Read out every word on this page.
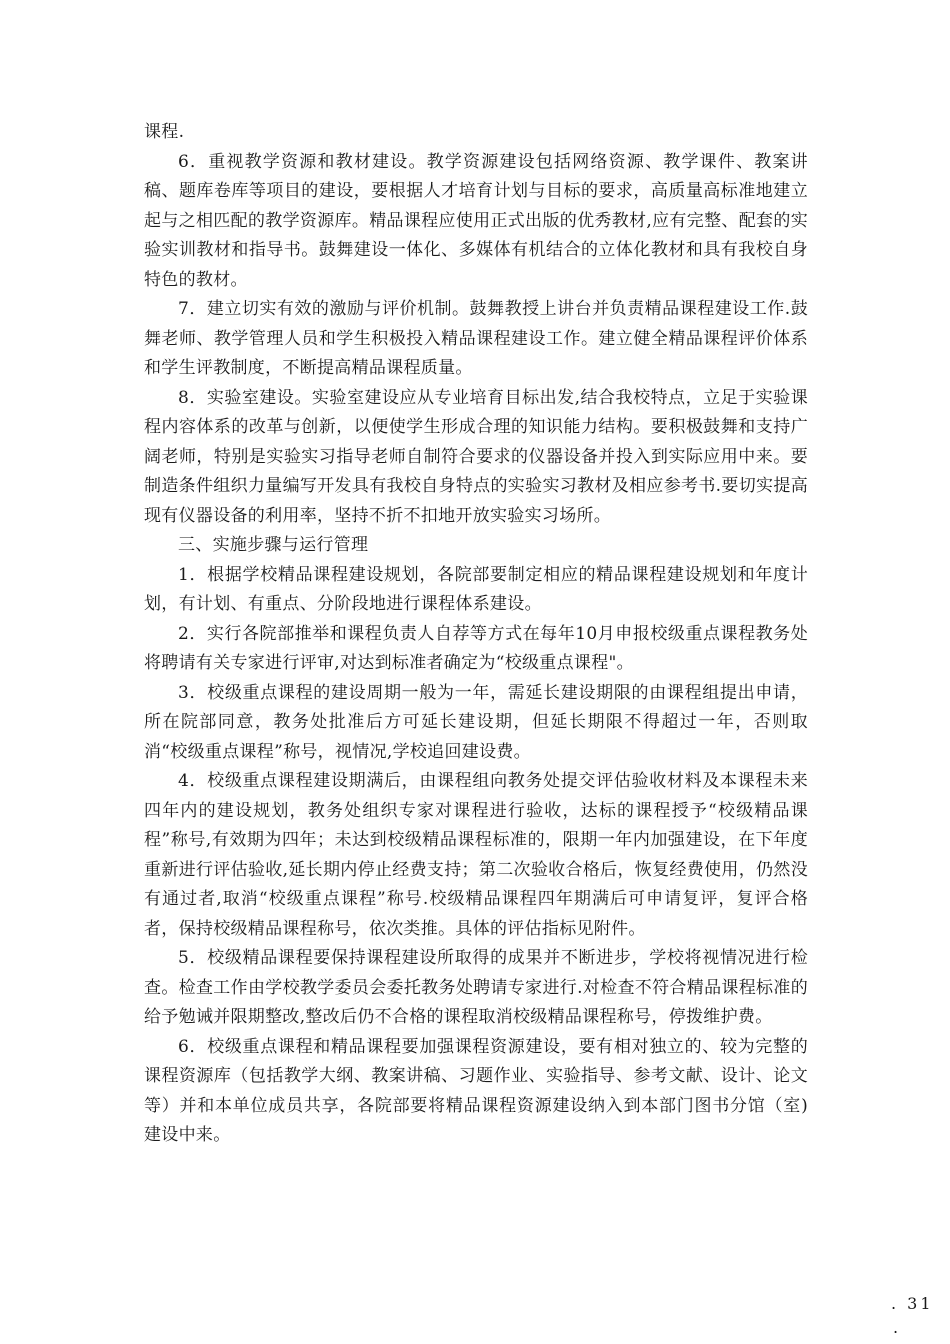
课程.

6．重视教学资源和教材建设。教学资源建设包括网络资源、教学课件、教案讲稿、题库卷库等项目的建设，要根据人才培育计划与目标的要求，高质量高标准地建立起与之相匹配的教学资源库。精品课程应使用正式出版的优秀教材,应有完整、配套的实验实训教材和指导书。鼓舞建设一体化、多媒体有机结合的立体化教材和具有我校自身特色的教材。

7．建立切实有效的激励与评价机制。鼓舞教授上讲台并负责精品课程建设工作.鼓舞老师、教学管理人员和学生积极投入精品课程建设工作。建立健全精品课程评价体系和学生评教制度，不断提高精品课程质量。

8．实验室建设。实验室建设应从专业培育目标出发,结合我校特点，立足于实验课程内容体系的改革与创新，以便使学生形成合理的知识能力结构。要积极鼓舞和支持广阔老师，特别是实验实习指导老师自制符合要求的仪器设备并投入到实际应用中来。要制造条件组织力量编写开发具有我校自身特点的实验实习教材及相应参考书.要切实提高现有仪器设备的利用率，坚持不折不扣地开放实验实习场所。

三、实施步骤与运行管理

1．根据学校精品课程建设规划，各院部要制定相应的精品课程建设规划和年度计划，有计划、有重点、分阶段地进行课程体系建设。

2．实行各院部推举和课程负责人自荐等方式在每年10月申报校级重点课程教务处将聘请有关专家进行评审,对达到标准者确定为“校级重点课程"。

3．校级重点课程的建设周期一般为一年，需延长建设期限的由课程组提出申请，所在院部同意，教务处批准后方可延长建设期，但延长期限不得超过一年，否则取消“校级重点课程”称号，视情况,学校追回建设费。

4．校级重点课程建设期满后，由课程组向教务处提交评估验收材料及本课程未来四年内的建设规划，教务处组织专家对课程进行验收，达标的课程授予“校级精品课程”称号,有效期为四年；未达到校级精品课程标准的，限期一年内加强建设，在下年度重新进行评估验收,延长期内停止经费支持；第二次验收合格后，恢复经费使用，仍然没有通过者,取消“校级重点课程”称号.校级精品课程四年期满后可申请复评，复评合格者，保持校级精品课程称号，依次类推。具体的评估指标见附件。

5．校级精品课程要保持课程建设所取得的成果并不断进步，学校将视情况进行检查。检查工作由学校教学委员会委托教务处聘请专家进行.对检查不符合精品课程标准的给予勉诫并限期整改,整改后仍不合格的课程取消校级精品课程称号，停拨维护费。

6．校级重点课程和精品课程要加强课程资源建设，要有相对独立的、较为完整的课程资源库（包括教学大纲、教案讲稿、习题作业、实验指导、参考文献、设计、论文等）并和本单位成员共享，各院部要将精品课程资源建设纳入到本部门图书分馆（室)建设中来。

. 31
.
